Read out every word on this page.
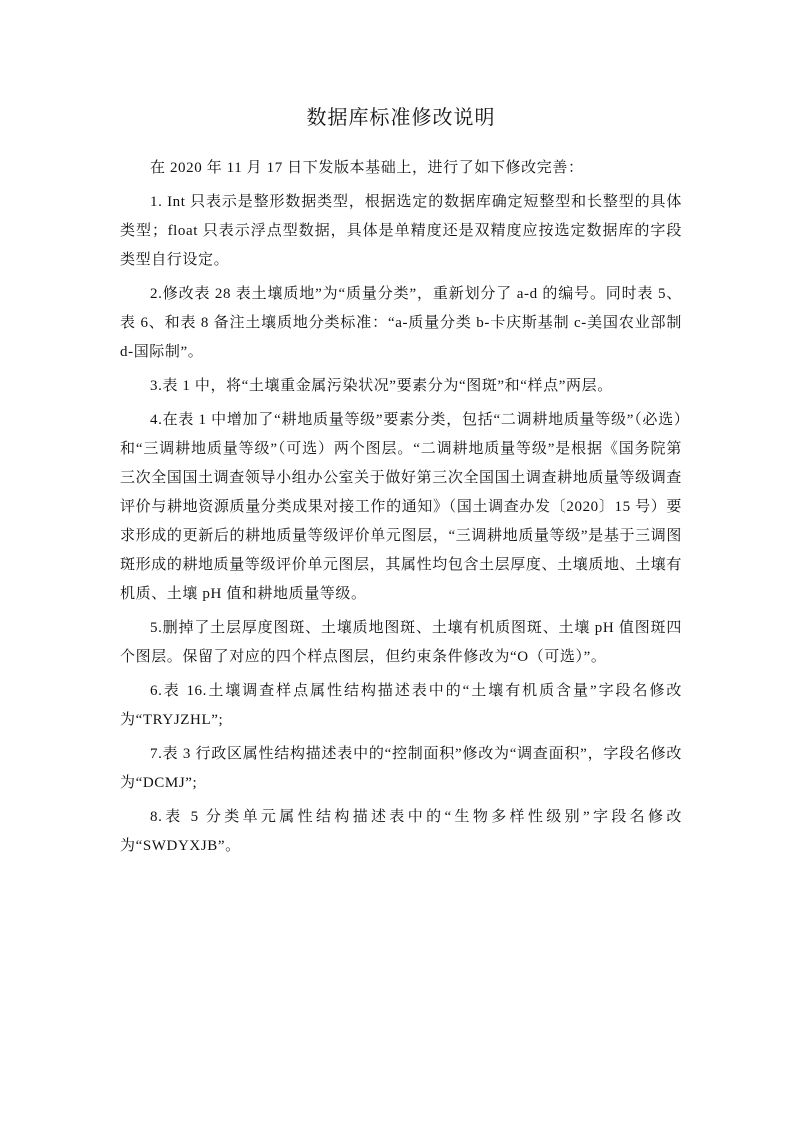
数据库标准修改说明

在 2020 年 11 月 17 日下发版本基础上，进行了如下修改完善：

1. Int 只表示是整形数据类型，根据选定的数据库确定短整型和长整型的具体类型；float 只表示浮点型数据，具体是单精度还是双精度应按选定数据库的字段类型自行设定。

2.修改表 28 表土壤质地”为“质量分类”，重新划分了 a-d 的编号。同时表 5、表 6、和表 8 备注土壤质地分类标准：“a-质量分类 b-卡庆斯基制 c-美国农业部制 d-国际制”。

3.表 1 中，将“土壤重金属污染状况”要素分为“图斑”和“样点”两层。

4.在表 1 中增加了“耕地质量等级”要素分类，包括“二调耕地质量等级”（必选）和“三调耕地质量等级”（可选）两个图层。“二调耕地质量等级”是根据《国务院第三次全国国土调查领导小组办公室关于做好第三次全国国土调查耕地质量等级调查评价与耕地资源质量分类成果对接工作的通知》（国土调查办发〔2020〕15 号）要求形成的更新后的耕地质量等级评价单元图层，“三调耕地质量等级”是基于三调图斑形成的耕地质量等级评价单元图层，其属性均包含土层厚度、土壤质地、土壤有机质、土壤 pH 值和耕地质量等级。

5.删掉了土层厚度图斑、土壤质地图斑、土壤有机质图斑、土壤 pH 值图斑四个图层。保留了对应的四个样点图层，但约束条件修改为“O（可选）”。

6.表 16.土壤调查样点属性结构描述表中的“土壤有机质含量”字段名修改为“TRYJZHL”;

7.表 3 行政区属性结构描述表中的“控制面积”修改为“调查面积”，字段名修改为“DCMJ”;

8.表 5 分类单元属性结构描述表中的“生物多样性级别”字段名修改为“SWDYXJB”。
